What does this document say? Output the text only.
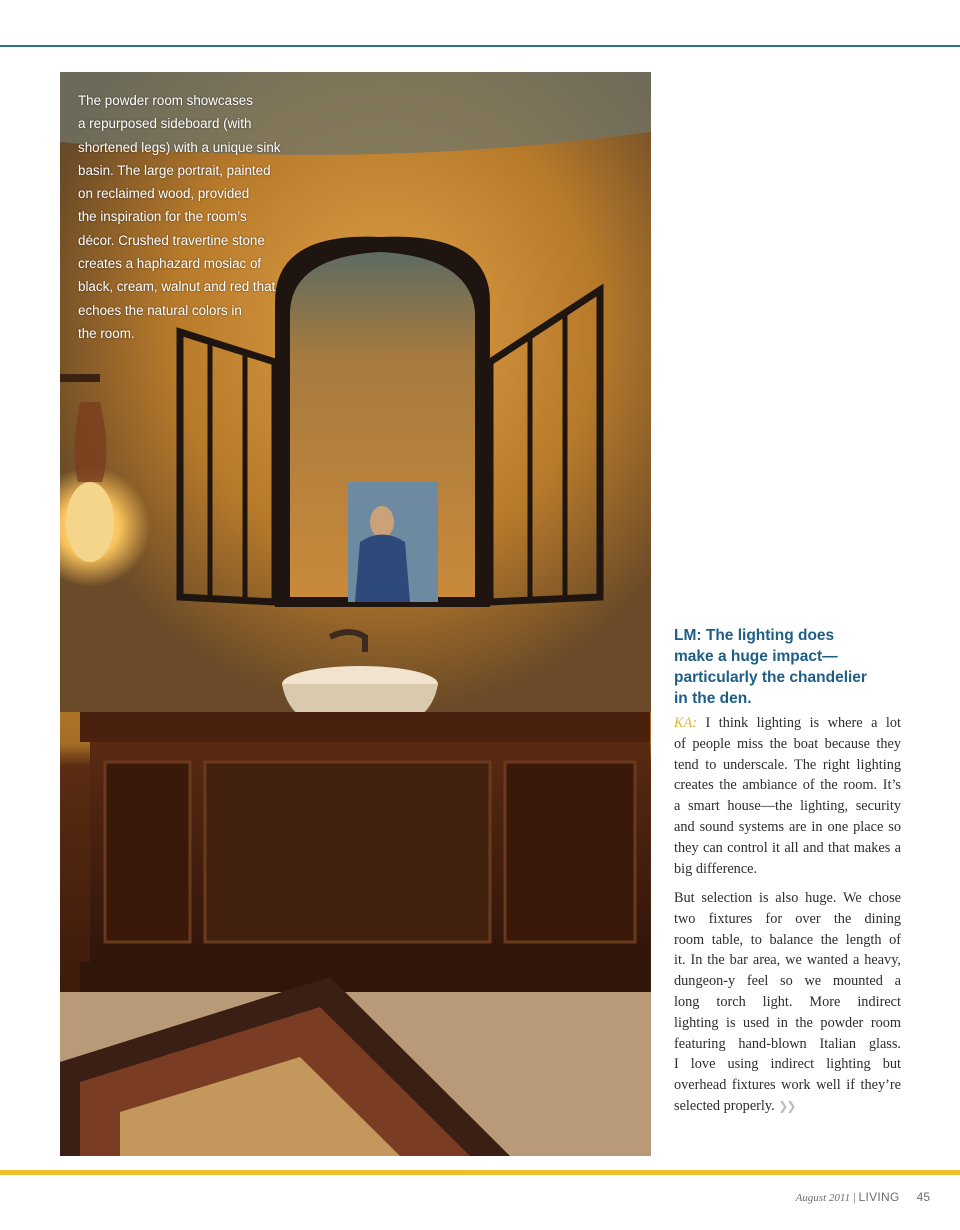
The powder room showcases
a repurposed sideboard (with
shortened legs) with a unique sink
basin. The large portrait, painted
on reclaimed wood, provided
the inspiration for the room’s
décor. Crushed travertine stone
creates a haphazard mosiac of
black, cream, walnut and red that
echoes the natural colors in
the room.
LM: The lighting does
make a huge impact—
particularly the chandelier
in the den.
KA: I think lighting is where a lot
of people miss the boat because they
tend to underscale. The right lighting
creates the ambiance of the room. It’s
a smart house—the lighting, security
and sound systems are in one place so
they can control it all and that makes a
big difference.
But selection is also huge. We chose
two fixtures for over the dining
room table, to balance the length of
it. In the bar area, we wanted a heavy,
dungeon-y feel so we mounted a
long torch light. More indirect
lighting is used in the powder room
featuring hand-blown Italian glass.
I love using indirect lighting but
overhead fixtures work well if they’re
selected properly. ❯❯
August 2011 | LIVING 45
